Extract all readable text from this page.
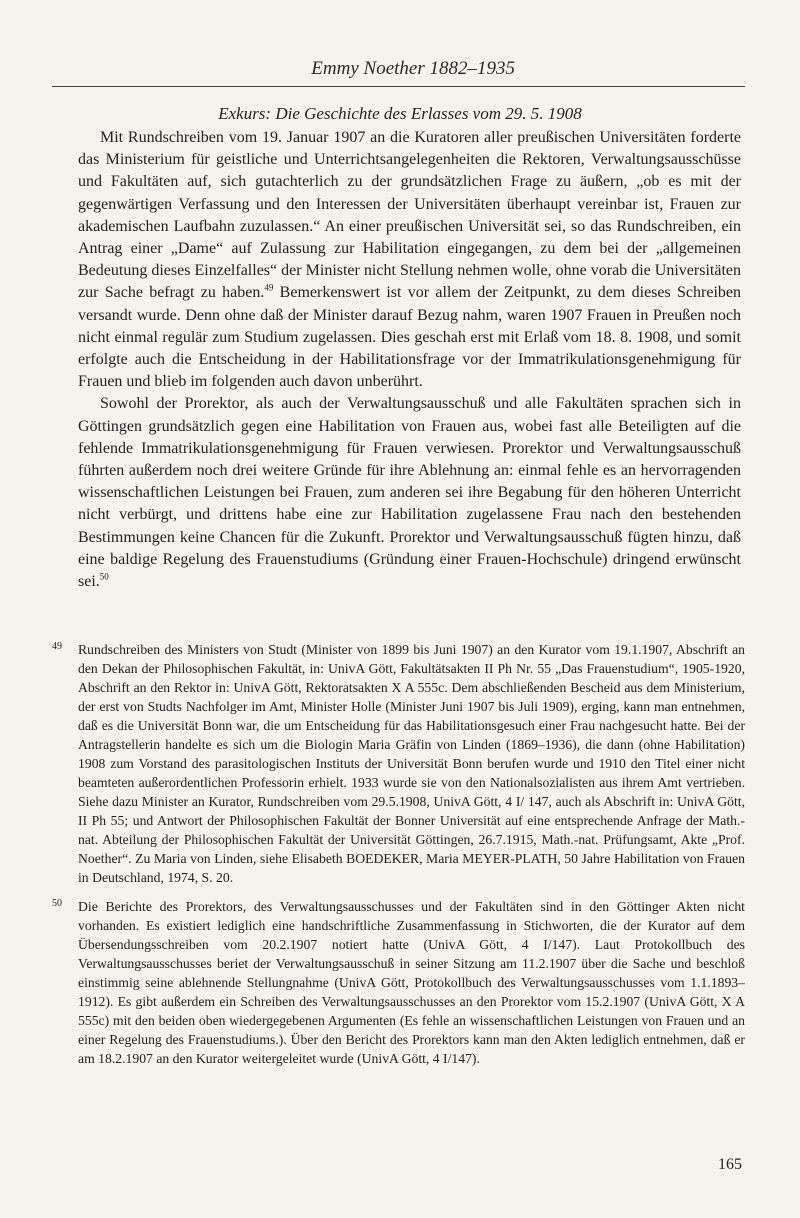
Emmy Noether 1882–1935
Exkurs: Die Geschichte des Erlasses vom 29. 5. 1908

Mit Rundschreiben vom 19. Januar 1907 an die Kuratoren aller preußischen Universitäten forderte das Ministerium für geistliche und Unterrichtsangelegenheiten die Rektoren, Verwaltungsausschüsse und Fakultäten auf, sich gutachterlich zu der grundsätzlichen Frage zu äußern, „ob es mit der gegenwärtigen Verfassung und den Interessen der Universitäten überhaupt vereinbar ist, Frauen zur akademischen Laufbahn zuzulassen.“ An einer preußischen Universität sei, so das Rundschreiben, ein Antrag einer „Dame“ auf Zulassung zur Habilitation eingegangen, zu dem bei der „allgemeinen Bedeutung dieses Einzelfalles“ der Minister nicht Stellung nehmen wolle, ohne vorab die Universitäten zur Sache befragt zu haben.$^{49}$ Bemerkenswert ist vor allem der Zeitpunkt, zu dem dieses Schreiben versandt wurde. Denn ohne daß der Minister darauf Bezug nahm, waren 1907 Frauen in Preußen noch nicht einmal regulär zum Studium zugelassen. Dies geschah erst mit Erlaß vom 18. 8. 1908, und somit erfolgte auch die Entscheidung in der Habilitationsfrage vor der Immatrikulationsgenehmigung für Frauen und blieb im folgenden auch davon unberührt.

Sowohl der Prorektor, als auch der Verwaltungsausschuß und alle Fakultäten sprachen sich in Göttingen grundsätzlich gegen eine Habilitation von Frauen aus, wobei fast alle Beteiligten auf die fehlende Immatrikulationsgenehmigung für Frauen verwiesen. Prorektor und Verwaltungsausschuß führten außerdem noch drei weitere Gründe für ihre Ablehnung an: einmal fehle es an hervorragenden wissenschaftlichen Leistungen bei Frauen, zum anderen sei ihre Begabung für den höheren Unterricht nicht verbürgt, und drittens habe eine zur Habilitation zugelassene Frau nach den bestehenden Bestimmungen keine Chancen für die Zukunft. Prorektor und Verwaltungsausschuß fügten hinzu, daß eine baldige Regelung des Frauenstudiums (Gründung einer Frauen-Hochschule) dringend erwünscht sei.$^{50}$

49 Rundschreiben des Ministers von Studt (Minister von 1899 bis Juni 1907) an den Kurator vom 19.1.1907, Abschrift an den Dekan der Philosophischen Fakultät, in: UnivA Gött, Fakultätsakten II Ph Nr. 55 „Das Frauenstudium“, 1905-1920, Abschrift an den Rektor in: UnivA Gött, Rektoratsakten X A 555c. Dem abschließenden Bescheid aus dem Ministerium, der erst von Studts Nachfolger im Amt, Minister Holle (Minister Juni 1907 bis Juli 1909), erging, kann man entnehmen, daß es die Universität Bonn war, die um Entscheidung für das Habilitationsgesuch einer Frau nachgesucht hatte. Bei der Antragstellerin handelte es sich um die Biologin Maria Gräfin von Linden (1869–1936), die dann (ohne Habilitation) 1908 zum Vorstand des parasitologischen Instituts der Universität Bonn berufen wurde und 1910 den Titel einer nicht beamteten außerordentlichen Professorin erhielt. 1933 wurde sie von den Nationalsozialisten aus ihrem Amt vertrieben. Siehe dazu Minister an Kurator, Rundschreiben vom 29.5.1908, UnivA Gött, 4 I/ 147, auch als Abschrift in: UnivA Gött, II Ph 55; und Antwort der Philosophischen Fakultät der Bonner Universität auf eine entsprechende Anfrage der Math.-nat. Abteilung der Philosophischen Fakultät der Universität Göttingen, 26.7.1915, Math.-nat. Prüfungsamt, Akte „Prof. Noether“. Zu Maria von Linden, siehe Elisabeth BOEDEKER, Maria MEYER-PLATH, 50 Jahre Habilitation von Frauen in Deutschland, 1974, S. 20.
50 Die Berichte des Prorektors, des Verwaltungsausschusses und der Fakultäten sind in den Göttinger Akten nicht vorhanden. Es existiert lediglich eine handschriftliche Zusammenfassung in Stichworten, die der Kurator auf dem Übersendungsschreiben vom 20.2.1907 notiert hatte (UnivA Gött, 4 I/147). Laut Protokollbuch des Verwaltungsausschusses beriet der Verwaltungsausschuß in seiner Sitzung am 11.2.1907 über die Sache und beschloß einstimmig seine ablehnende Stellungnahme (UnivA Gött, Protokollbuch des Verwaltungsausschusses vom 1.1.1893–1912). Es gibt außerdem ein Schreiben des Verwaltungsausschusses an den Prorektor vom 15.2.1907 (UnivA Gött, X A 555c) mit den beiden oben wiedergegebenen Argumenten (Es fehle an wissenschaftlichen Leistungen von Frauen und an einer Regelung des Frauenstudiums.). Über den Bericht des Prorektors kann man den Akten lediglich entnehmen, daß er am 18.2.1907 an den Kurator weitergeleitet wurde (UnivA Gött, 4 I/147).
165
